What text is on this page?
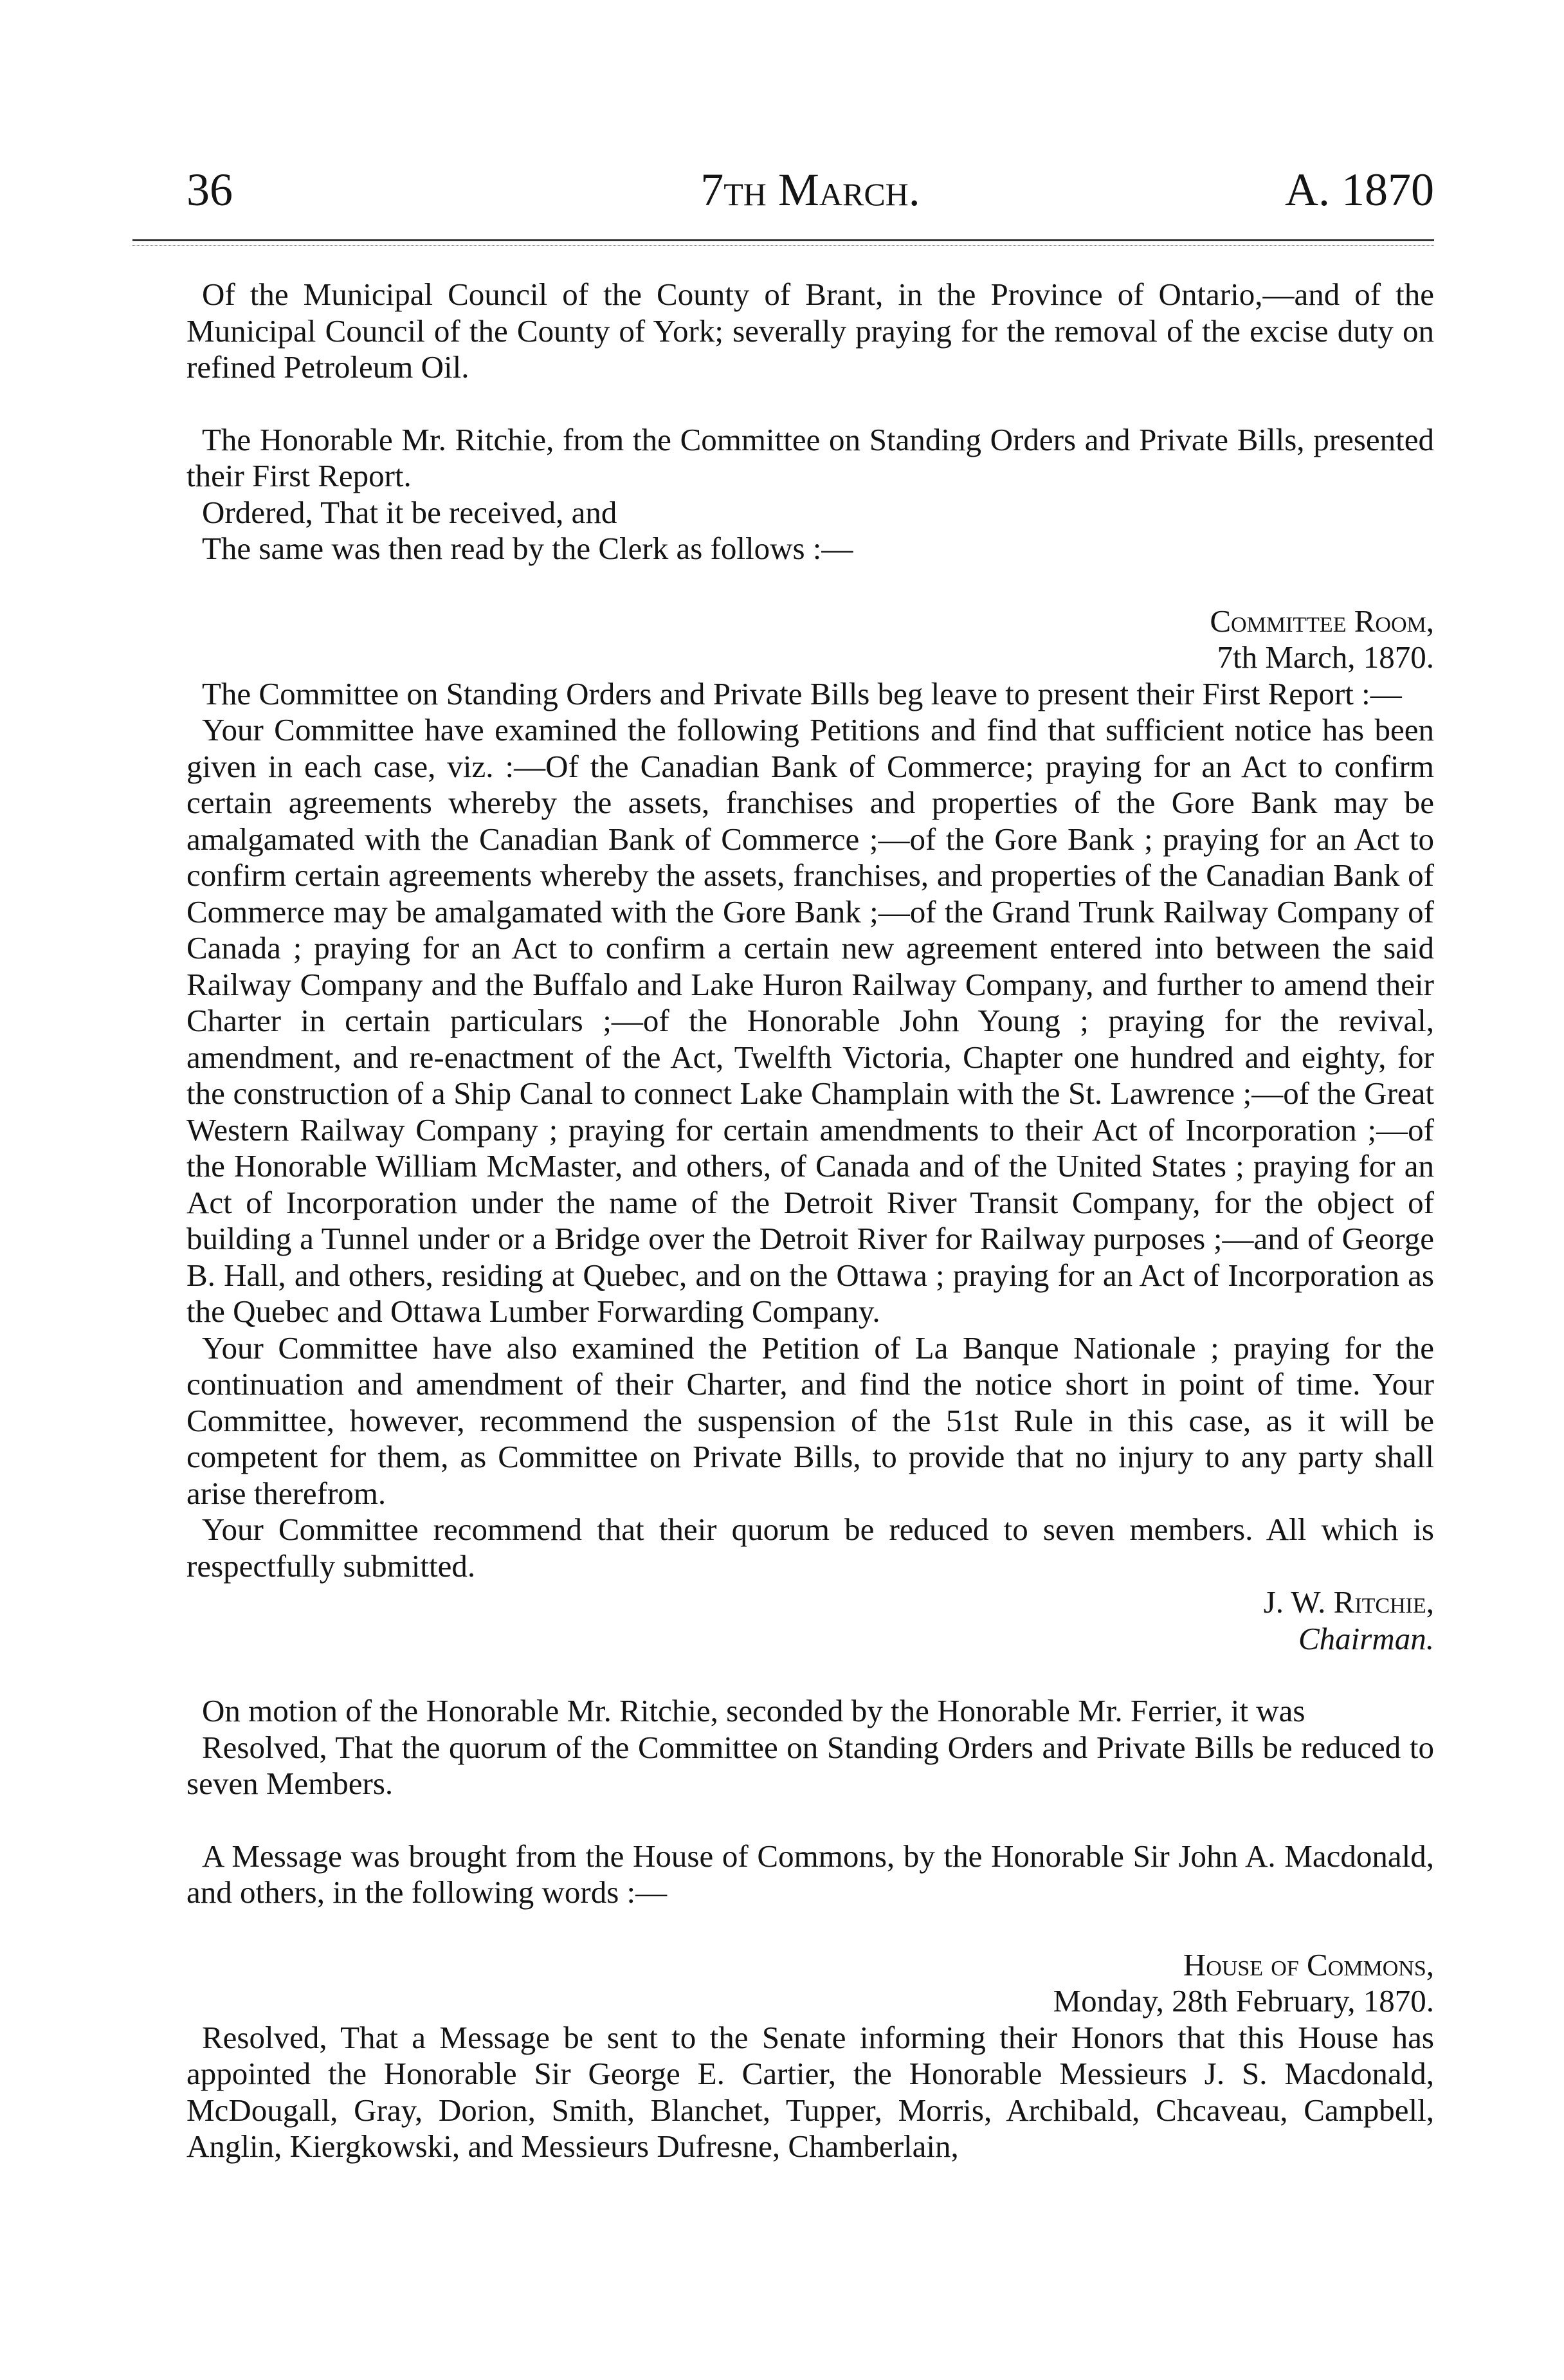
36	7th March.	A. 1870

Of the Municipal Council of the County of Brant, in the Province of Ontario,—and of the Municipal Council of the County of York; severally praying for the removal of the excise duty on refined Petroleum Oil.

The Honorable Mr. Ritchie, from the Committee on Standing Orders and Private Bills, presented their First Report.

Ordered, That it be received, and

The same was then read by the Clerk as follows :—

Committee Room,

7th March, 1870.

The Committee on Standing Orders and Private Bills beg leave to present their First Report :—

Your Committee have examined the following Petitions and find that sufficient notice has been given in each case, viz. :—Of the Canadian Bank of Commerce; praying for an Act to confirm certain agreements whereby the assets, franchises and properties of the Gore Bank may be amalgamated with the Canadian Bank of Commerce ;—of the Gore Bank ; praying for an Act to confirm certain agreements whereby the assets, franchises, and properties of the Canadian Bank of Commerce may be amalgamated with the Gore Bank ;—of the Grand Trunk Railway Company of Canada ; praying for an Act to confirm a certain new agreement entered into between the said Railway Company and the Buffalo and Lake Huron Railway Company, and further to amend their Charter in certain particulars ;—of the Honorable John Young ; praying for the revival, amendment, and re-enactment of the Act, Twelfth Victoria, Chapter one hundred and eighty, for the construction of a Ship Canal to connect Lake Champlain with the St. Lawrence ;—of the Great Western Railway Company ; praying for certain amendments to their Act of Incorporation ;—of the Honorable William McMaster, and others, of Canada and of the United States ; praying for an Act of Incorporation under the name of the Detroit River Transit Company, for the object of building a Tunnel under or a Bridge over the Detroit River for Railway purposes ;—and of George B. Hall, and others, residing at Quebec, and on the Ottawa ; praying for an Act of Incorporation as the Quebec and Ottawa Lumber Forwarding Company.

Your Committee have also examined the Petition of La Banque Nationale ; praying for the continuation and amendment of their Charter, and find the notice short in point of time. Your Committee, however, recommend the suspension of the 51st Rule in this case, as it will be competent for them, as Committee on Private Bills, to provide that no injury to any party shall arise therefrom.

Your Committee recommend that their quorum be reduced to seven members. All which is respectfully submitted.

J. W. Ritchie,

Chairman.

On motion of the Honorable Mr. Ritchie, seconded by the Honorable Mr. Ferrier, it was

Resolved, That the quorum of the Committee on Standing Orders and Private Bills be reduced to seven Members.

A Message was brought from the House of Commons, by the Honorable Sir John A. Macdonald, and others, in the following words :—

House of Commons,

Monday, 28th February, 1870.

Resolved, That a Message be sent to the Senate informing their Honors that this House has appointed the Honorable Sir George E. Cartier, the Honorable Messieurs J. S. Macdonald, McDougall, Gray, Dorion, Smith, Blanchet, Tupper, Morris, Archibald, Chcaveau, Campbell, Anglin, Kiergkowski, and Messieurs Dufresne, Chamberlain,
